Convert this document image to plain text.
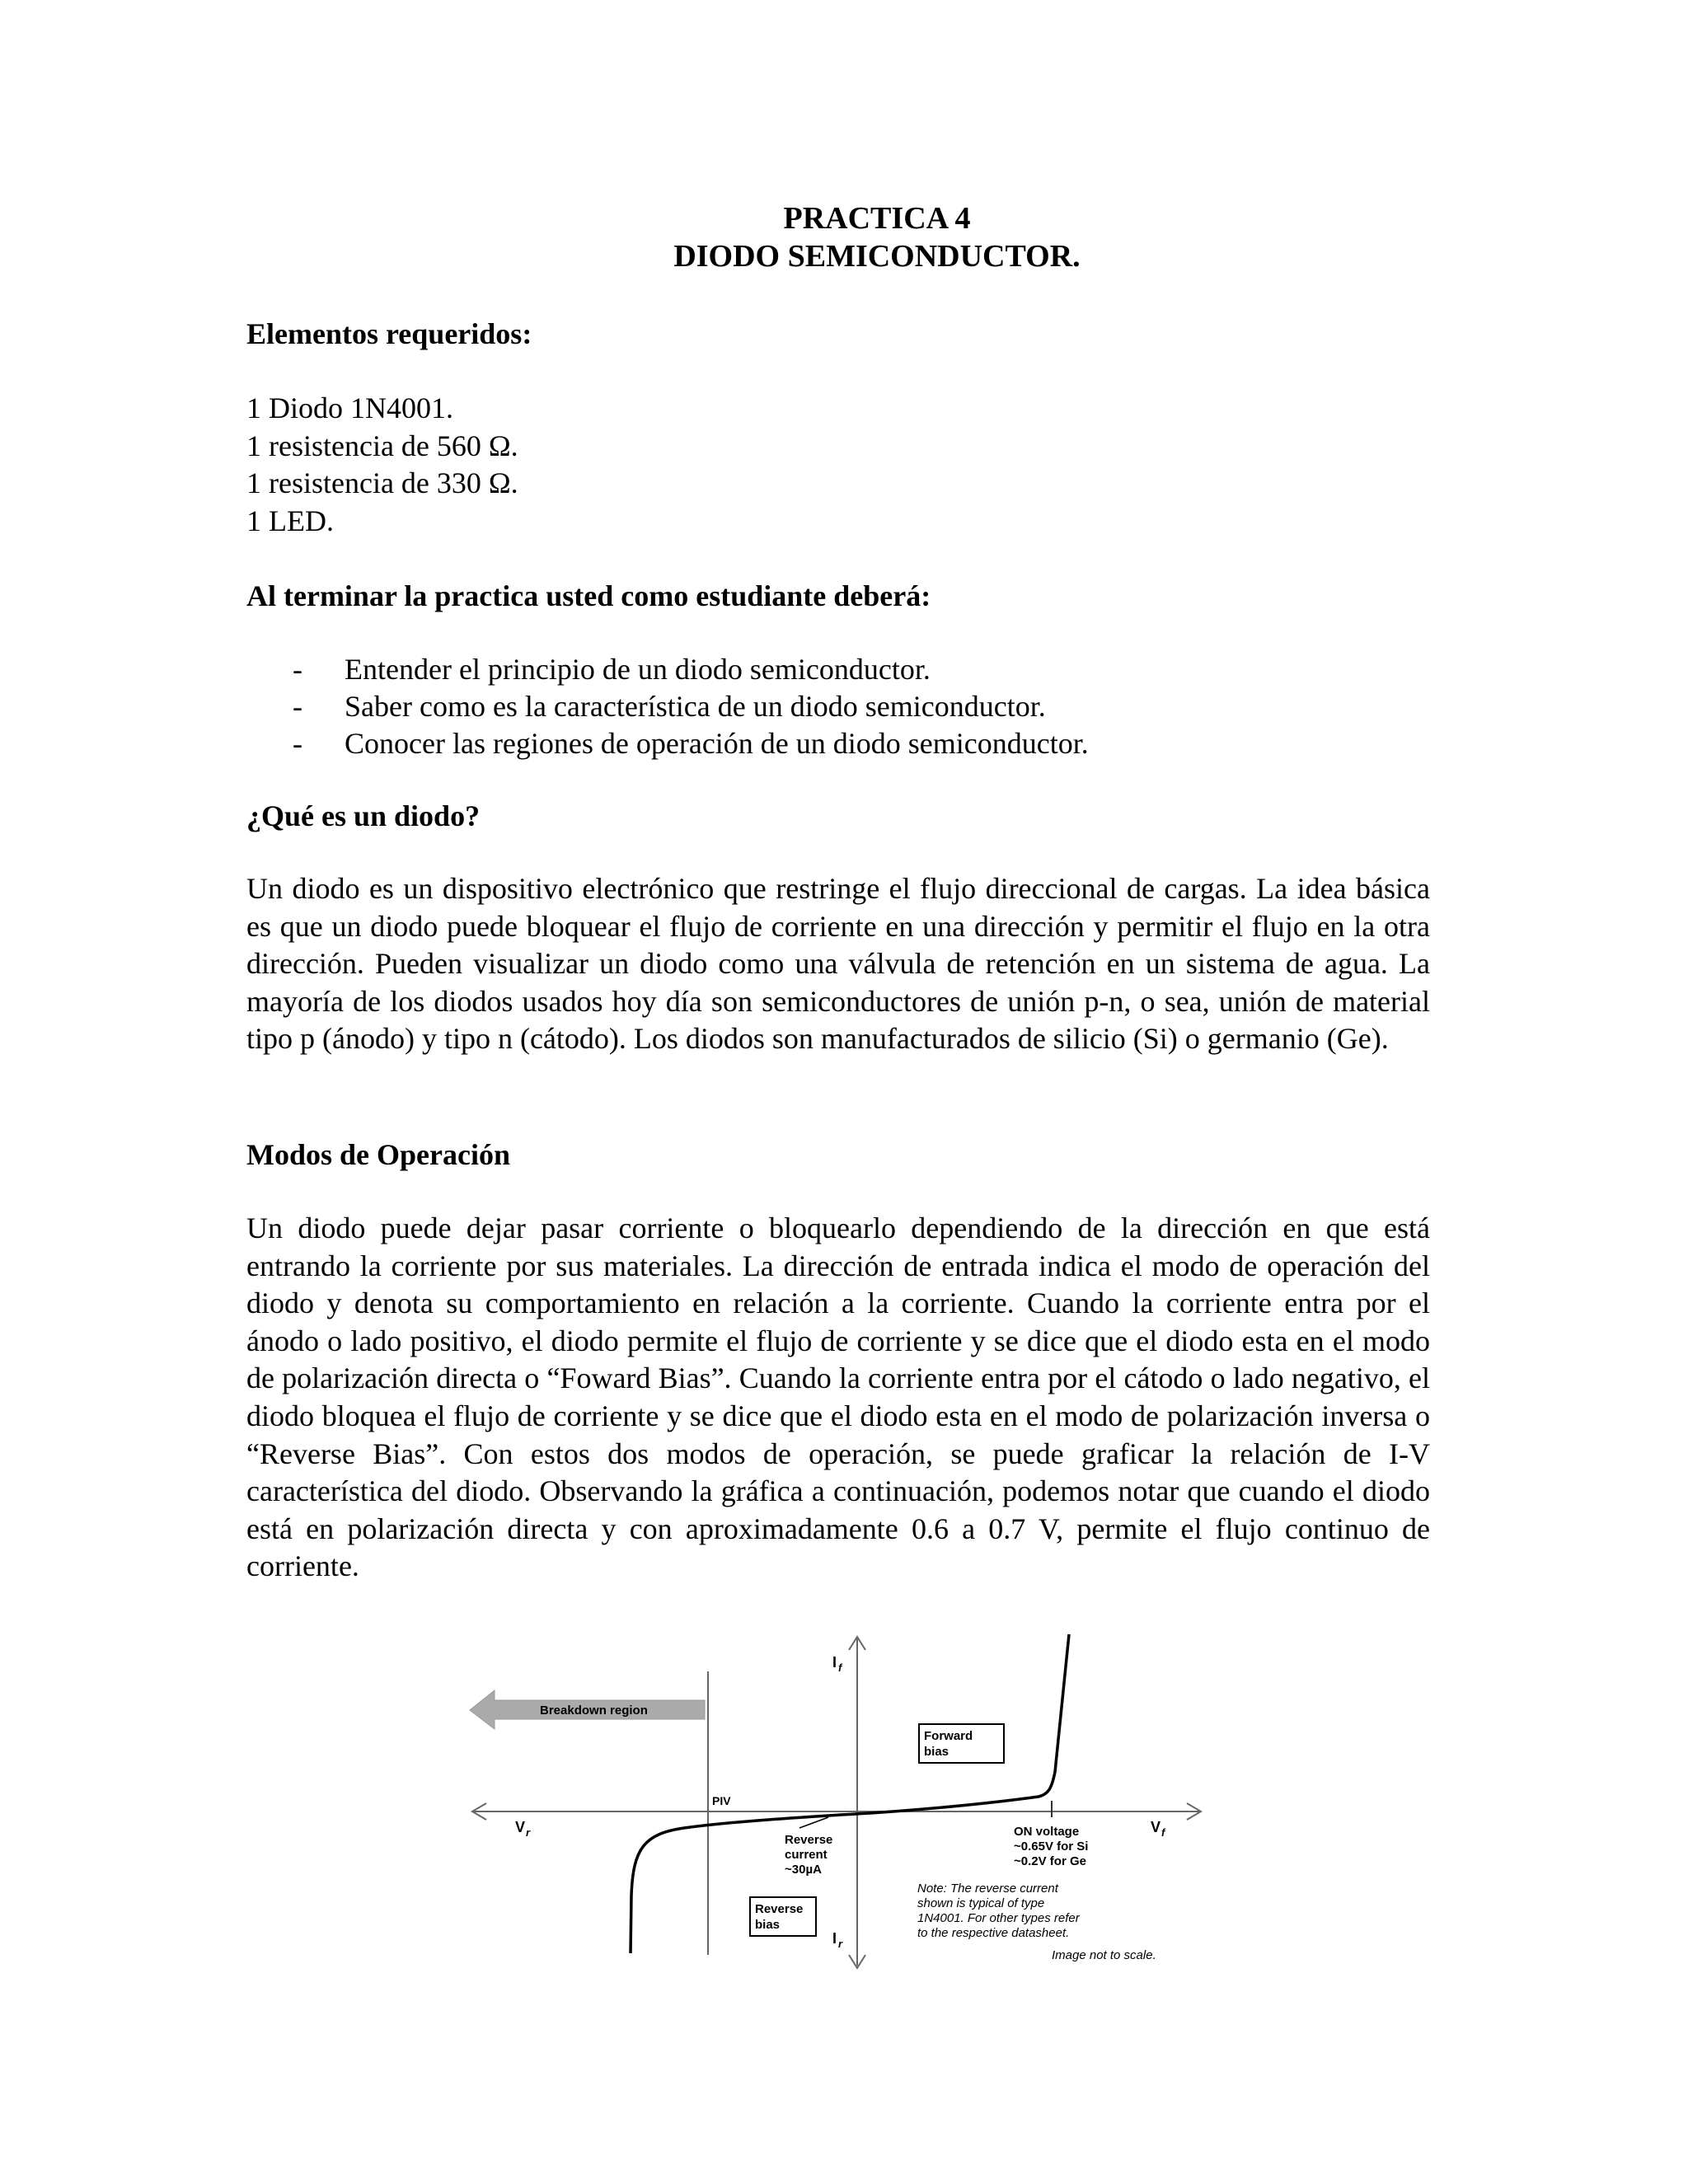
PRACTICA 4
DIODO SEMICONDUCTOR.
Elementos requeridos:
1 Diodo 1N4001.
1 resistencia de 560 Ω.
1 resistencia de 330 Ω.
1 LED.
Al terminar la practica usted como estudiante deberá:
- Entender el principio de un diodo semiconductor.
- Saber como es la característica de un diodo semiconductor.
- Conocer las regiones de operación de un diodo semiconductor.
¿Qué es un diodo?
Un diodo es un dispositivo electrónico que restringe el flujo direccional de cargas. La idea básica es que un diodo puede bloquear el flujo de corriente en una dirección y permitir el flujo en la otra dirección. Pueden visualizar un diodo como una válvula de retención en un sistema de agua. La mayoría de los diodos usados hoy día son semiconductores de unión p-n, o sea, unión de material tipo p (ánodo) y tipo n (cátodo). Los diodos son manufacturados de silicio (Si) o germanio (Ge).
Modos de Operación
Un diodo puede dejar pasar corriente o bloquearlo dependiendo de la dirección en que está entrando la corriente por sus materiales. La dirección de entrada indica el modo de operación del diodo y denota su comportamiento en relación a la corriente. Cuando la corriente entra por el ánodo o lado positivo, el diodo permite el flujo de corriente y se dice que el diodo esta en el modo de polarización directa o “Foward Bias”. Cuando la corriente entra por el cátodo o lado negativo, el diodo bloquea el flujo de corriente y se dice que el diodo esta en el modo de polarización inversa o “Reverse Bias”. Con estos dos modos de operación, se puede graficar la relación de I-V característica del diodo. Observando la gráfica a continuación, podemos notar que cuando el diodo está en polarización directa y con aproximadamente 0.6 a 0.7 V, permite el flujo continuo de corriente.
Breakdown region
Forward
bias
Reverse
bias
I f
I r
V f
V r
PIV
Reverse
current
~30µA
ON voltage
~0.65V for Si
~0.2V for Ge
Note: The reverse current
shown is typical of type
1N4001. For other types refer
to the respective datasheet.
Image not to scale.
